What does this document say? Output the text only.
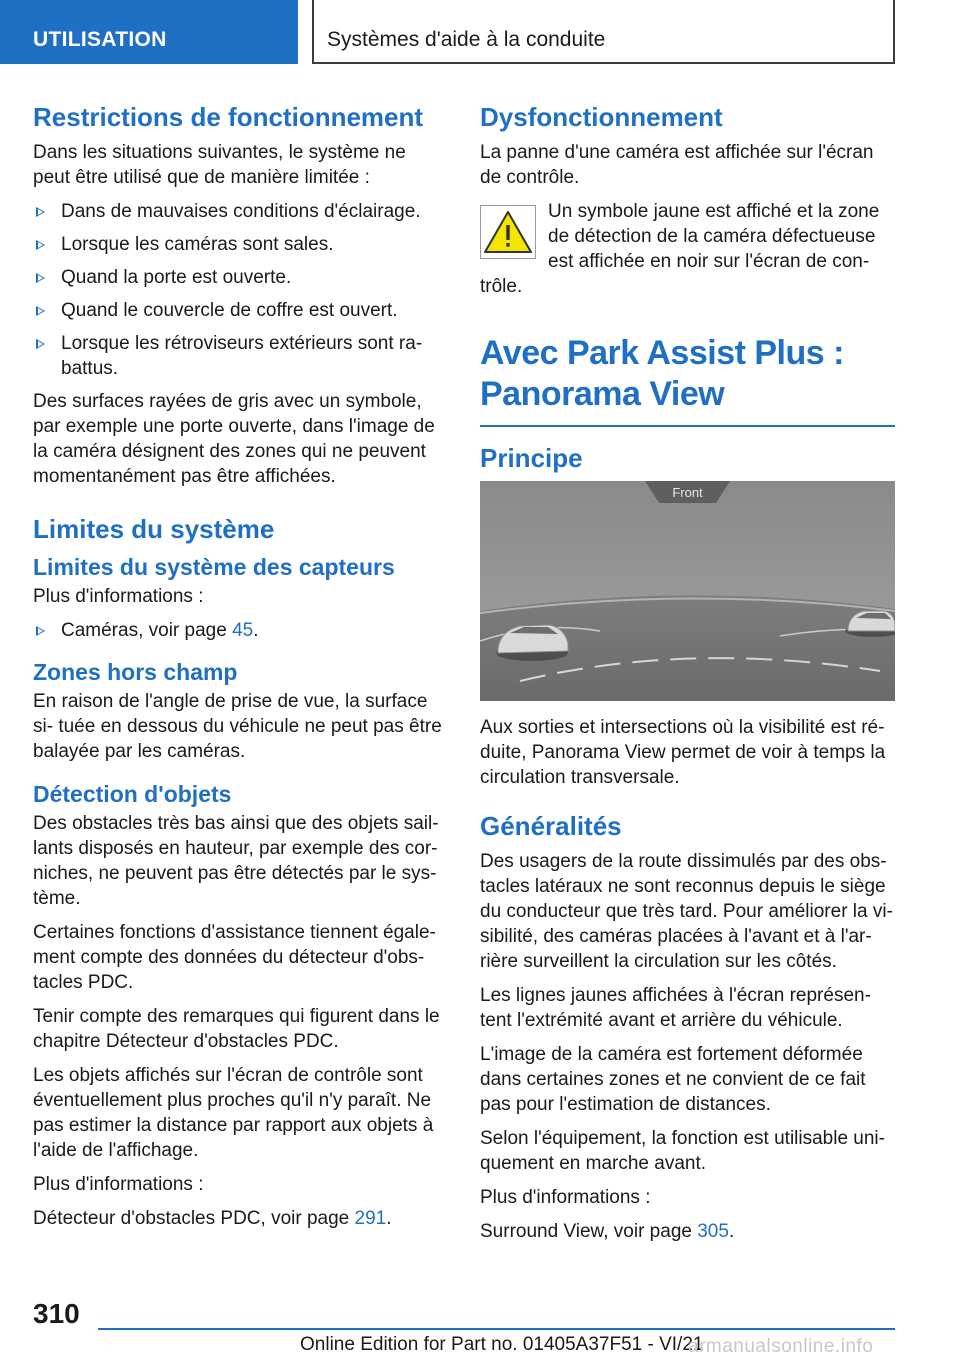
UTILISATION	Systèmes d'aide à la conduite
Restrictions de fonctionnement

Dans les situations suivantes, le système ne peut être utilisé que de manière limitée :

Dans de mauvaises conditions d'éclairage.
Lorsque les caméras sont sales.
Quand la porte est ouverte.
Quand le couvercle de coffre est ouvert.
Lorsque les rétroviseurs extérieurs sont ra‐ battus.

Des surfaces rayées de gris avec un symbole, par exemple une porte ouverte, dans l'image de la caméra désignent des zones qui ne peuvent momentanément pas être affichées.

Limites du système
Limites du système des capteurs

Plus d'informations :

Caméras, voir page 45.
Zones hors champ

En raison de l'angle de prise de vue, la surface si‐ tuée en dessous du véhicule ne peut pas être balayée par les caméras.

Détection d'objets

Des obstacles très bas ainsi que des objets sail‐ lants disposés en hauteur, par exemple des cor‐ niches, ne peuvent pas être détectés par le sys‐ tème.

Certaines fonctions d'assistance tiennent égale‐ ment compte des données du détecteur d'obs‐ tacles PDC.

Tenir compte des remarques qui figurent dans le chapitre Détecteur d'obstacles PDC.

Les objets affichés sur l'écran de contrôle sont éventuellement plus proches qu'il n'y paraît. Ne pas estimer la distance par rapport aux objets à l'aide de l'affichage.

Plus d'informations :

Détecteur d'obstacles PDC, voir page 291.

Dysfonctionnement

La panne d'une caméra est affichée sur l'écran de contrôle.

Un symbole jaune est affiché et la zone de détection de la caméra défectueuse est affichée en noir sur l'écran de con‐ trôle.

Avec Park Assist Plus : Panorama View
Principe
Front

Aux sorties et intersections où la visibilité est ré‐ duite, Panorama View permet de voir à temps la circulation transversale.

Généralités

Des usagers de la route dissimulés par des obs‐ tacles latéraux ne sont reconnus depuis le siège du conducteur que très tard. Pour améliorer la vi‐ sibilité, des caméras placées à l'avant et à l'ar‐ rière surveillent la circulation sur les côtés.

Les lignes jaunes affichées à l'écran représen‐ tent l'extrémité avant et arrière du véhicule.

L'image de la caméra est fortement déformée dans certaines zones et ne convient de ce fait pas pour l'estimation de distances.

Selon l'équipement, la fonction est utilisable uni‐ quement en marche avant.

Plus d'informations :

Surround View, voir page 305.

310
Online Edition for Part no. 01405A37F51 - VI/21
armanualsonline.info
